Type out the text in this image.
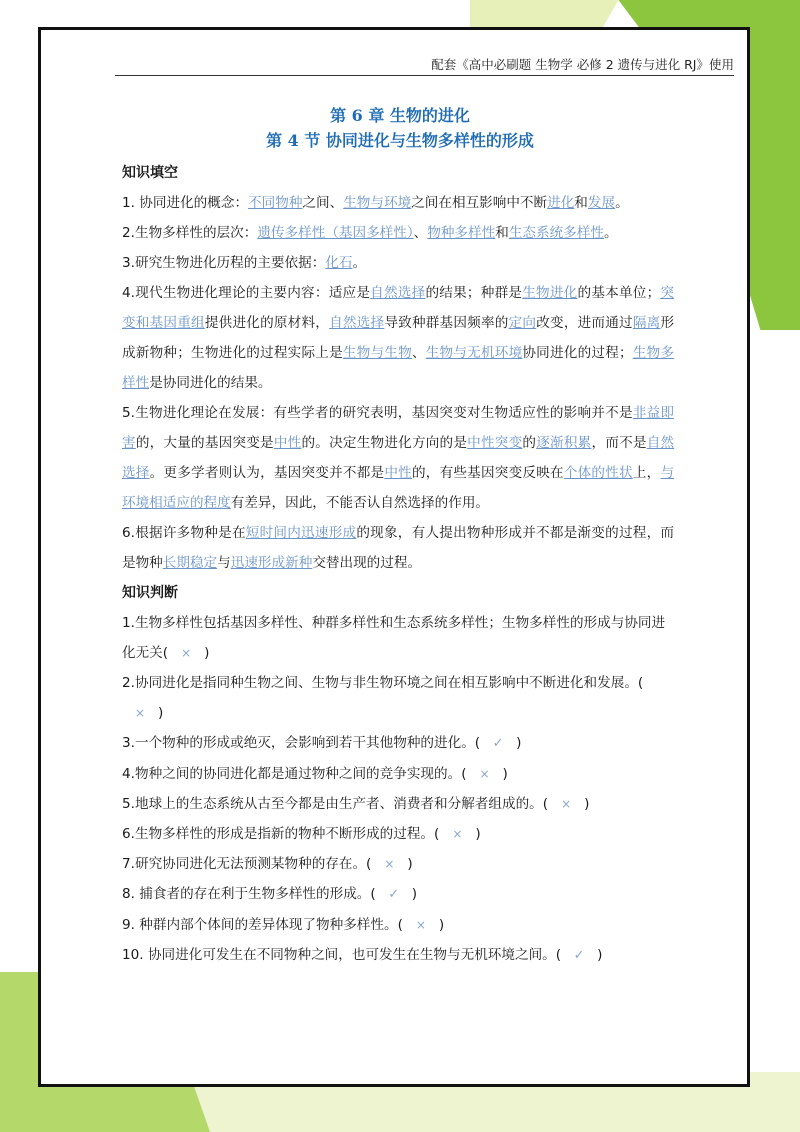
配套《高中必刷题 生物学 必修 2 遗传与进化 RJ》使用
第 6 章 生物的进化
第 4 节 协同进化与生物多样性的形成

知识填空

1. 协同进化的概念：不同物种之间、生物与环境之间在相互影响中不断进化和发展。

2.生物多样性的层次：遗传多样性（基因多样性）、物种多样性和生态系统多样性。

3.研究生物进化历程的主要依据：化石。

4.现代生物进化理论的主要内容：适应是自然选择的结果；种群是生物进化的基本单位；突变和基因重组提供进化的原材料，自然选择导致种群基因频率的定向改变，进而通过隔离形成新物种；生物进化的过程实际上是生物与生物、生物与无机环境协同进化的过程；生物多样性是协同进化的结果。

5.生物进化理论在发展：有些学者的研究表明，基因突变对生物适应性的影响并不是非益即害的，大量的基因突变是中性的。决定生物进化方向的是中性突变的逐渐积累，而不是自然选择。更多学者则认为，基因突变并不都是中性的，有些基因突变反映在个体的性状上，与环境相适应的程度有差异，因此，不能否认自然选择的作用。

6.根据许多物种是在短时间内迅速形成的现象，有人提出物种形成并不都是渐变的过程，而是物种长期稳定与迅速形成新种交替出现的过程。

知识判断

1.生物多样性包括基因多样性、种群多样性和生态系统多样性；生物多样性的形成与协同进化无关( × )

2.协同进化是指同种生物之间、生物与非生物环境之间在相互影响中不断进化和发展。(× )

3.一个物种的形成或绝灭，会影响到若干其他物种的进化。( ✓ )

4.物种之间的协同进化都是通过物种之间的竞争实现的。( × )

5.地球上的生态系统从古至今都是由生产者、消费者和分解者组成的。( × )

6.生物多样性的形成是指新的物种不断形成的过程。( × )

7.研究协同进化无法预测某物种的存在。( × )

8. 捕食者的存在利于生物多样性的形成。( ✓ )

9. 种群内部个体间的差异体现了物种多样性。( × )

10. 协同进化可发生在不同物种之间，也可发生在生物与无机环境之间。( ✓ )
